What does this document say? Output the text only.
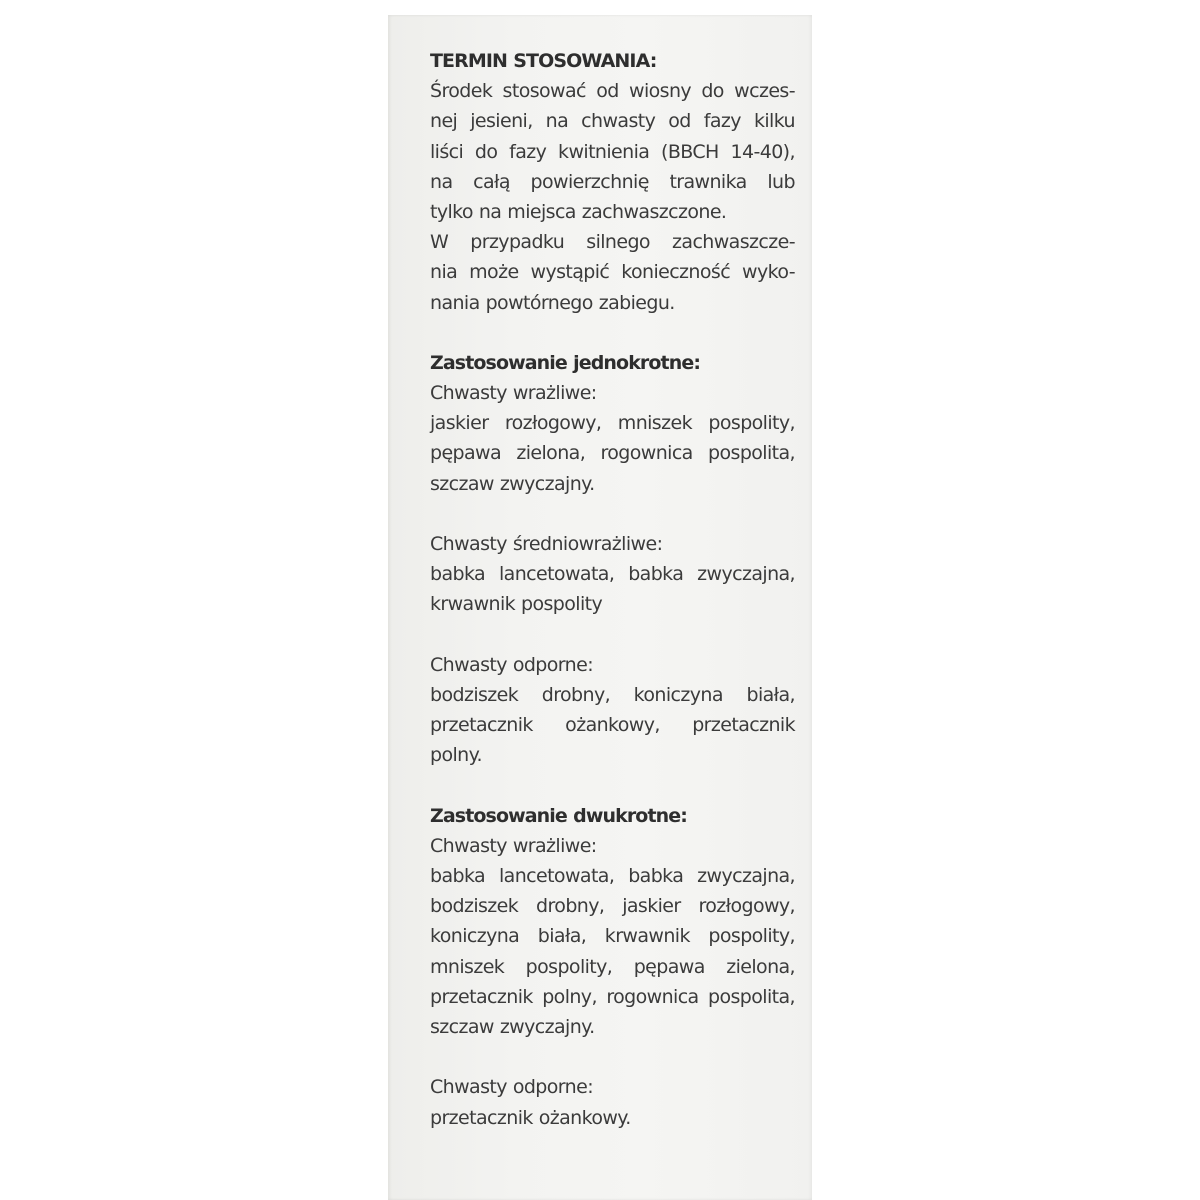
TERMIN STOSOWANIA:
Środek stosować od wiosny do wczes-
nej jesieni, na chwasty od fazy kilku
liści do fazy kwitnienia (BBCH 14-40),
na całą powierzchnię trawnika lub
tylko na miejsca zachwaszczone.
W przypadku silnego zachwaszcze-
nia może wystąpić konieczność wyko-
nania powtórnego zabiegu.
Zastosowanie jednokrotne:
Chwasty wrażliwe:
jaskier rozłogowy, mniszek pospolity,
pępawa zielona, rogownica pospolita,
szczaw zwyczajny.
Chwasty średniowrażliwe:
babka lancetowata, babka zwyczajna,
krwawnik pospolity
Chwasty odporne:
bodziszek drobny, koniczyna biała,
przetacznik ożankowy, przetacznik
polny.
Zastosowanie dwukrotne:
Chwasty wrażliwe:
babka lancetowata, babka zwyczajna,
bodziszek drobny, jaskier rozłogowy,
koniczyna biała, krwawnik pospolity,
mniszek pospolity, pępawa zielona,
przetacznik polny, rogownica pospolita,
szczaw zwyczajny.
Chwasty odporne:
przetacznik ożankowy.
